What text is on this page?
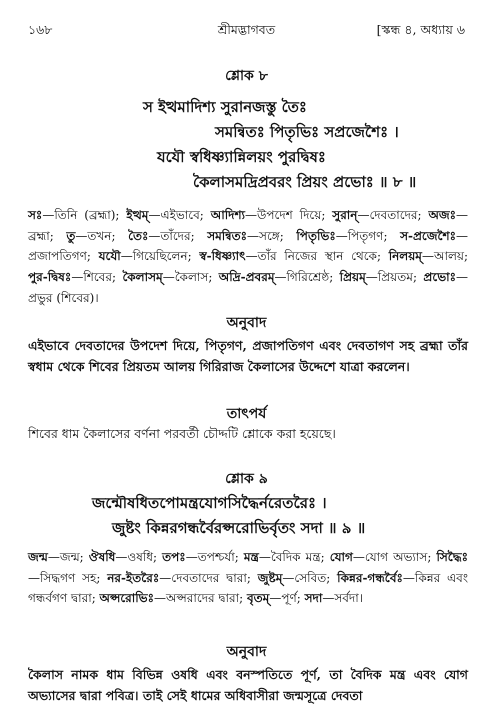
১৬৮	শ্রীমদ্ভাগবত	[স্কন্ধ ৪, অধ্যায় ৬
শ্লোক ৮
স ইত্থমাদিশ্য সুরানজস্তু তৈঃ
সমন্বিতঃ পিতৃভিঃ সপ্রজেশৈঃ ।
যযৌ স্বধিষ্ণ্যান্নিলয়ং পুরদ্বিষঃ
কৈলাসমদ্রিপ্রবরং প্রিয়ং প্রভোঃ ॥ ৮ ॥
সঃ—তিনি (ব্রহ্মা); ইত্থম্—এইভাবে; আদিশ্য—উপদেশ দিয়ে; সুরান্—দেবতাদের; অজঃ—ব্রহ্মা; তু—তখন; তৈঃ—তাঁদের; সমন্বিতঃ—সঙ্গে; পিতৃভিঃ—পিতৃগণ; স-প্রজেশৈঃ—প্রজাপতিগণ; যযৌ—গিয়েছিলেন; স্ব-ধিষ্ণ্যাৎ—তাঁর নিজের স্থান থেকে; নিলয়ম্—আলয়; পুর-দ্বিষঃ—শিবের; কৈলাসম্—কৈলাস; অদ্রি-প্রবরম্—গিরিশ্রেষ্ঠ; প্রিয়ম্—প্রিয়তম; প্রভোঃ—প্রভুর (শিবের)।
অনুবাদ
এইভাবে দেবতাদের উপদেশ দিয়ে, পিতৃগণ, প্রজাপতিগণ এবং দেবতাগণ সহ ব্রহ্মা তাঁর স্বধাম থেকে শিবের প্রিয়তম আলয় গিরিরাজ কৈলাসের উদ্দেশে যাত্রা করলেন।
তাৎপর্য
শিবের ধাম কৈলাসের বর্ণনা পরবর্তী চৌদ্দটি শ্লোকে করা হয়েছে।
শ্লোক ৯
জন্মৌষধিতপোমন্ত্রযোগসিদ্ধৈর্নরেতরৈঃ ।
জুষ্টং কিন্নরগন্ধর্বৈরপ্সরোভির্বৃতং সদা ॥ ৯ ॥
জন্ম—জন্ম; ঔষধি—ওষধি; তপঃ—তপশ্চর্যা; মন্ত্র—বৈদিক মন্ত্র; যোগ—যোগ অভ্যাস; সিদ্ধৈঃ—সিদ্ধগণ সহ; নর-ইতরৈঃ—দেবতাদের দ্বারা; জুষ্টম্—সেবিত; কিন্নর-গন্ধর্বৈঃ—কিন্নর এবং গন্ধর্বগণ দ্বারা; অপ্সরোভিঃ—অপ্সরাদের দ্বারা; বৃতম্—পূর্ণ; সদা—সর্বদা।
অনুবাদ
কৈলাস নামক ধাম বিভিন্ন ওষধি এবং বনস্পতিতে পূর্ণ, তা বৈদিক মন্ত্র এবং যোগ অভ্যাসের দ্বারা পবিত্র। তাই সেই ধামের অধিবাসীরা জন্মসূত্রে দেবতা
